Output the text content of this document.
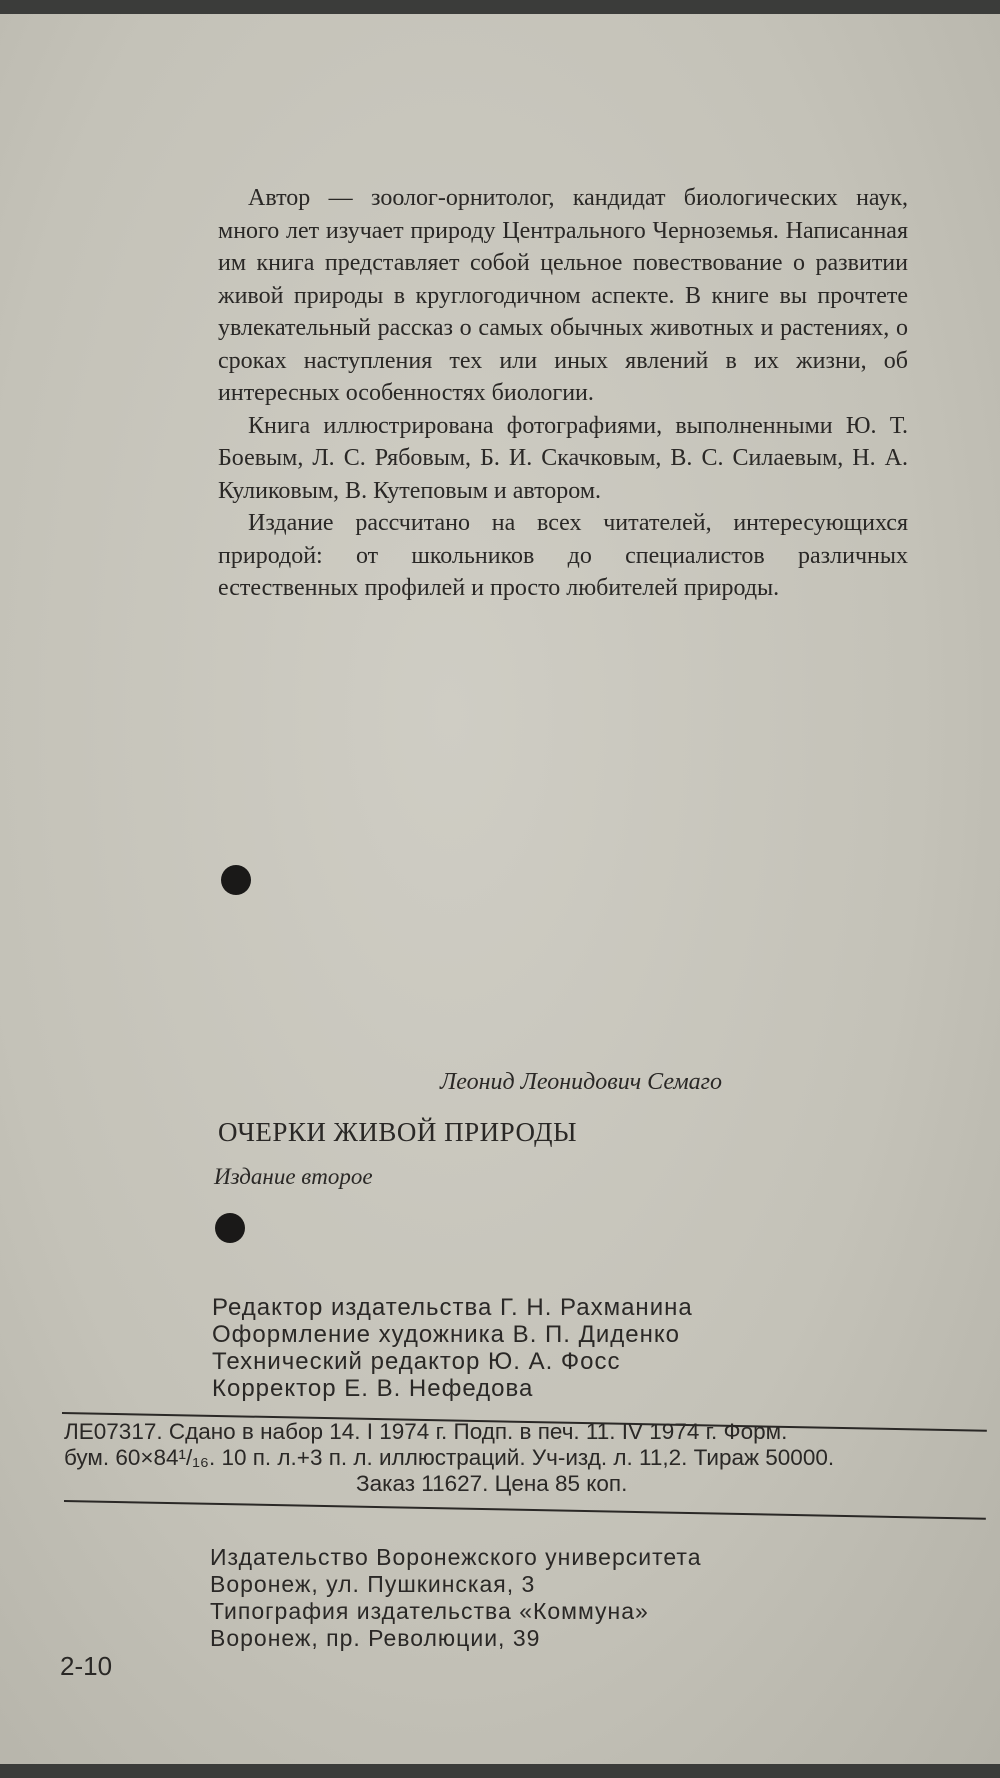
Автор — зоолог-орнитолог, кандидат биологических наук, много лет изучает природу Центрального Черноземья. Написанная им книга представляет собой цельное повествование о развитии живой природы в круглогодичном аспекте. В книге вы прочтете увлекательный рассказ о самых обычных животных и растениях, о сроках наступления тех или иных явлений в их жизни, об интересных особенностях биологии.

Книга иллюстрирована фотографиями, выполненными Ю. Т. Боевым, Л. С. Рябовым, Б. И. Скачковым, В. С. Силаевым, Н. А. Куликовым, В. Кутеповым и автором.

Издание рассчитано на всех читателей, интересующихся природой: от школьников до специалистов различных естественных профилей и просто любителей природы.

Леонид Леонидович Семаго
ОЧЕРКИ ЖИВОЙ ПРИРОДЫ
Издание второе
Редактор издательства Г. Н. Рахманина
Оформление художника В. П. Диденко
Технический редактор Ю. А. Фосс
Корректор Е. В. Нефедова
ЛЕ07317. Сдано в набор 14. I 1974 г. Подп. в печ. 11. IV 1974 г. Форм.
бум. 60×84¹/₁₆. 10 п. л.+3 п. л. иллюстраций. Уч-изд. л. 11,2. Тираж 50000.
Заказ 11627. Цена 85 коп.
Издательство Воронежского университета
Воронеж, ул. Пушкинская, 3
Типография издательства «Коммуна»
Воронеж, пр. Революции, 39
2-10
